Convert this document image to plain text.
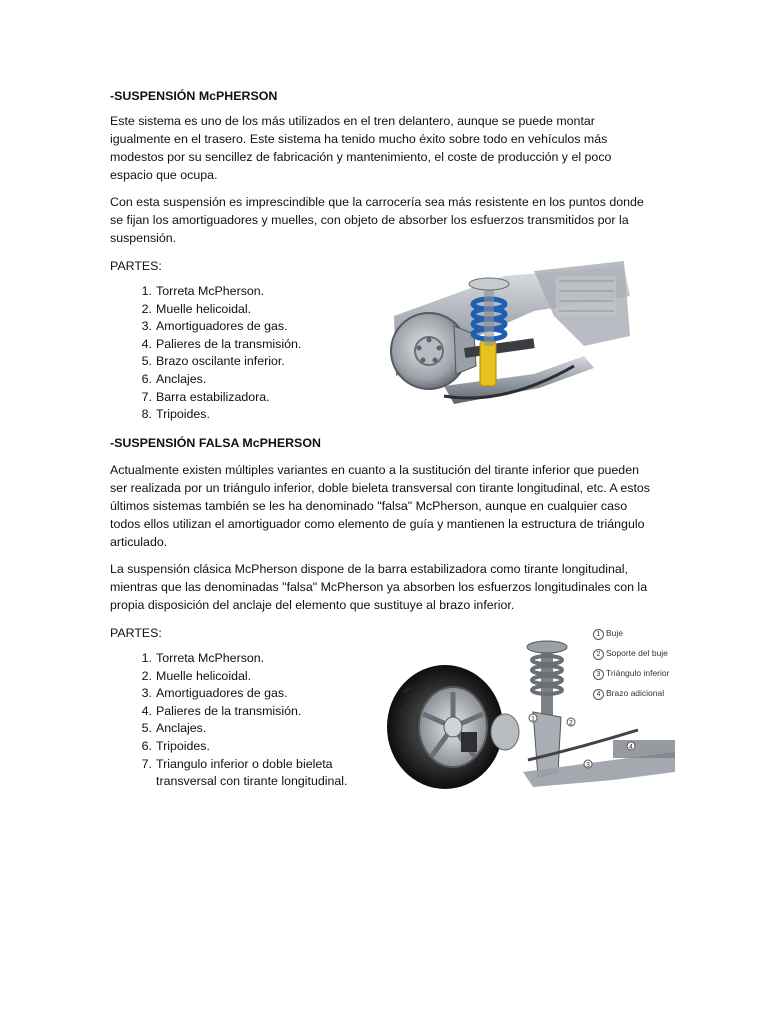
-SUSPENSIÓN McPHERSON
Este sistema es uno de los más utilizados en el tren delantero, aunque se puede montar igualmente en el trasero. Este sistema ha tenido mucho éxito sobre todo en vehículos más modestos por su sencillez de fabricación y mantenimiento, el coste de producción y el poco espacio que ocupa.
Con esta suspensión es imprescindible que la carrocería sea más resistente en los puntos donde se fijan los amortiguadores y muelles, con objeto de absorber los esfuerzos transmitidos por la suspensión.
PARTES:
1 . Torreta McPherson.
2 . Muelle helicoidal.
3 . Amortiguadores de gas.
4 . Palieres de la transmisión.
5 . Brazo oscilante inferior.
6 . Anclajes.
7 . Barra estabilizadora.
8 . Tripoides.
-SUSPENSIÓN FALSA McPHERSON
Actualmente existen múltiples variantes en cuanto a la sustitución del tirante inferior que pueden ser realizada por un triángulo inferior, doble bieleta transversal con tirante longitudinal, etc. A estos últimos sistemas también se les ha denominado "falsa" McPherson, aunque en cualquier caso todos ellos utilizan el amortiguador como elemento de guía y mantienen la estructura de triángulo articulado.
La suspensión clásica McPherson dispone de la barra estabilizadora como tirante longitudinal, mientras que las denominadas "falsa" McPherson ya absorben los esfuerzos longitudinales con la propia disposición del anclaje del elemento que sustituye al brazo inferior.
PARTES:
1 . Torreta McPherson.
2 . Muelle helicoidal.
3 . Amortiguadores de gas.
4 . Palieres de la transmisión.
5 . Anclajes.
6 . Tripoides.
7 . Triangulo inferior o doble bieleta transversal con tirante longitudinal.
1
2
3
4
1 Buje
2 Soporte del buje
3 Triángulo inferior
4 Brazo adicional
